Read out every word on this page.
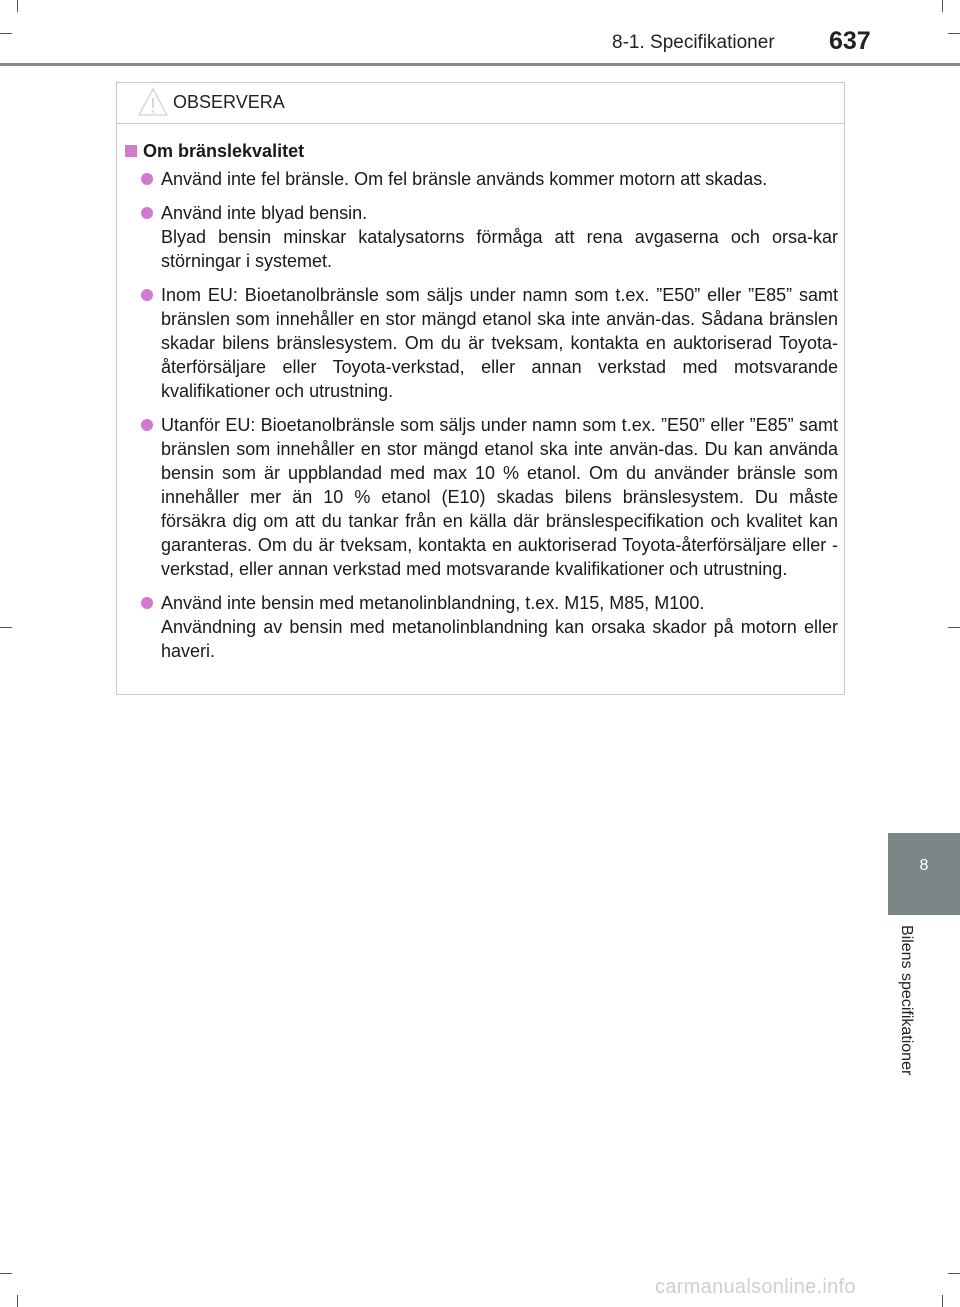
8-1. Specifikationer 637
8
Bilens specifikationer
OBSERVERA
Om bränslekvalitet
Använd inte fel bränsle. Om fel bränsle används kommer motorn att skadas.
Använd inte blyad bensin.
Blyad bensin minskar katalysatorns förmåga att rena avgaserna och orsa-kar störningar i systemet.
Inom EU: Bioetanolbränsle som säljs under namn som t.ex. ”E50” eller ”E85” samt bränslen som innehåller en stor mängd etanol ska inte använ-das. Sådana bränslen skadar bilens bränslesystem. Om du är tveksam, kontakta en auktoriserad Toyota-återförsäljare eller Toyota-verkstad, eller annan verkstad med motsvarande kvalifikationer och utrustning.
Utanför EU: Bioetanolbränsle som säljs under namn som t.ex. ”E50” eller ”E85” samt bränslen som innehåller en stor mängd etanol ska inte använ-das. Du kan använda bensin som är uppblandad med max 10 % etanol. Om du använder bränsle som innehåller mer än 10 % etanol (E10) skadas bilens bränslesystem. Du måste försäkra dig om att du tankar från en källa där bränslespecifikation och kvalitet kan garanteras. Om du är tveksam, kontakta en auktoriserad Toyota-återförsäljare eller -verkstad, eller annan verkstad med motsvarande kvalifikationer och utrustning.
Använd inte bensin med metanolinblandning, t.ex. M15, M85, M100.
Användning av bensin med metanolinblandning kan orsaka skador på motorn eller haveri.
carmanualsonline.info
